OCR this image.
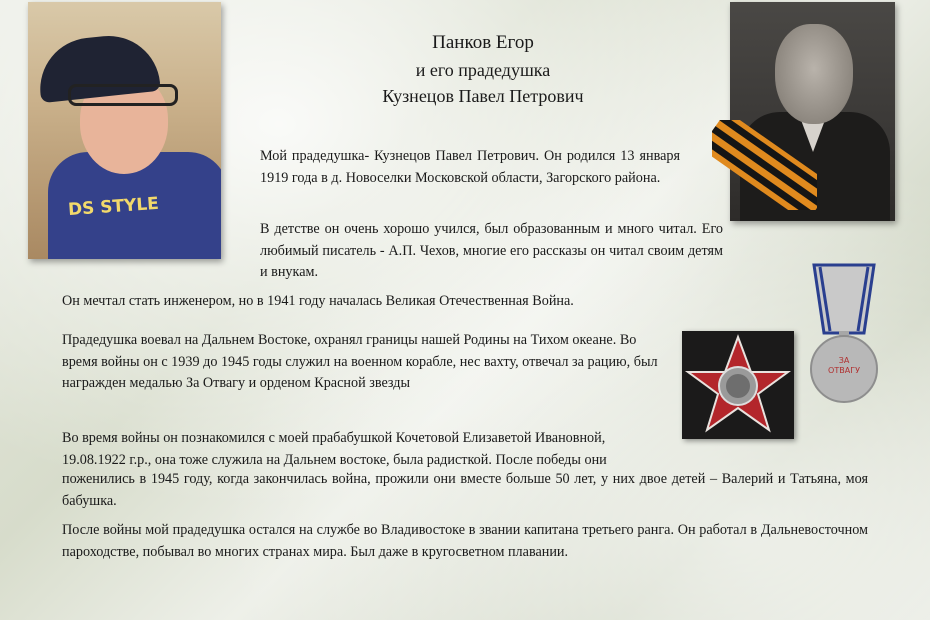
DS STYLE
Панков Егор
и его прадедушка
Кузнецов Павел Петрович

Мой прадедушка- Кузнецов Павел Петрович. Он родился 13 января 1919 года в д. Новоселки Московской области, Загорского района.

В детстве он очень хорошо учился, был образованным и много читал. Его любимый писатель - А.П. Чехов, многие его рассказы он читал своим детям и внукам.

Он мечтал стать инженером, но в 1941 году началась Великая Отечественная Война.

Прадедушка воевал на Дальнем Востоке, охранял границы нашей Родины на Тихом океане. Во время войны он с 1939 до 1945 годы служил на военном корабле, нес вахту, отвечал за рацию, был награжден медалью За Отвагу и орденом Красной звезды

Во время войны он познакомился с моей прабабушкой Кочетовой Елизаветой Ивановной, 19.08.1922 г.р., она тоже служила на Дальнем востоке, была радисткой. После победы они

поженились в 1945 году, когда закончилась война, прожили они вместе больше 50 лет, у них двое детей – Валерий и Татьяна, моя бабушка.

После войны мой прадедушка остался на службе во Владивостоке в звании капитана третьего ранга. Он работал в Дальневосточном пароходстве, побывал во многих странах мира. Был даже в кругосветном плавании.

ЗА
ОТВАГУ
